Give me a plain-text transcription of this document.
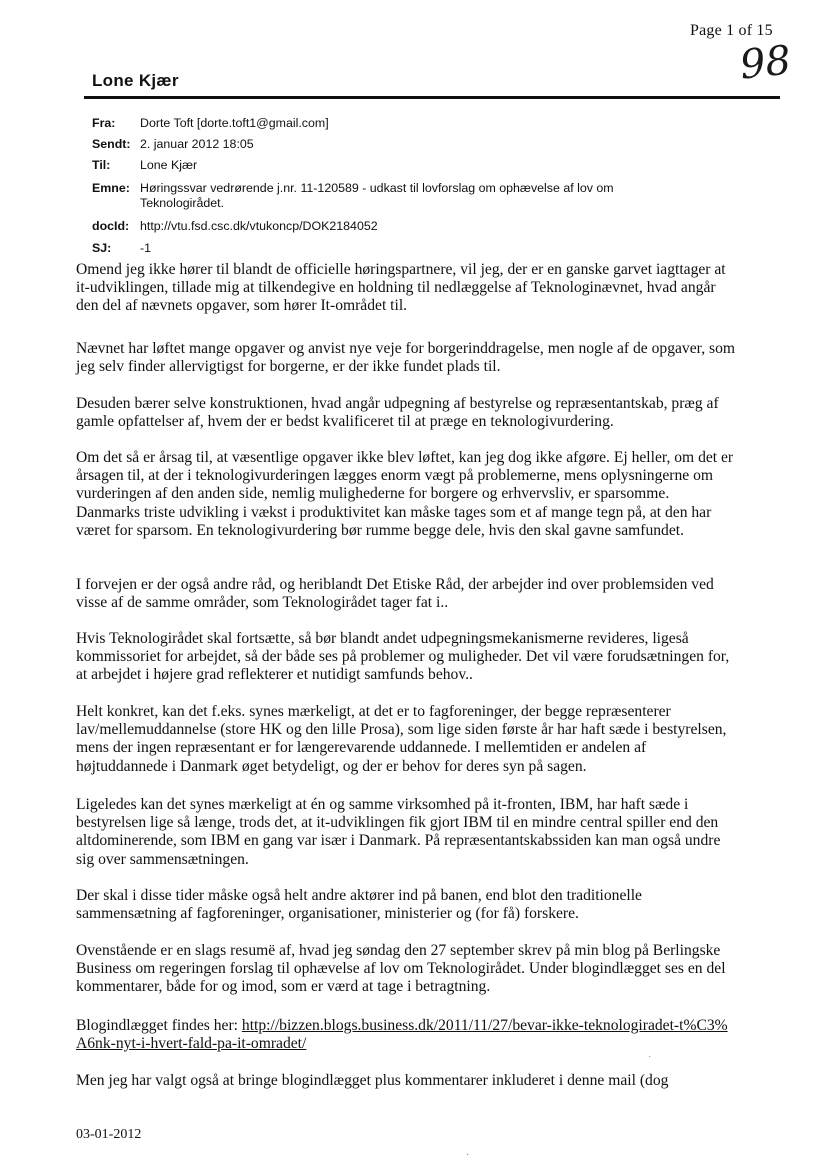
Page 1 of 15
98
Lone Kjær
Fra: Dorte Toft [dorte.toft1@gmail.com]
Sendt: 2. januar 2012 18:05
Til: Lone Kjær
Emne: Høringssvar vedrørende j.nr. 11-120589 - udkast til lovforslag om ophævelse af lov om
Teknologirådet.
docId: http://vtu.fsd.csc.dk/vtukoncp/DOK2184052
SJ: -1
Omend jeg ikke hører til blandt de officielle høringspartnere, vil jeg, der er en ganske garvet iagttager at it-udviklingen, tillade mig at tilkendegive en holdning til nedlæggelse af Teknologinævnet, hvad angår den del af nævnets opgaver, som hører It-området til.
Nævnet har løftet mange opgaver og anvist nye veje for borgerinddragelse, men nogle af de opgaver, som jeg selv finder allervigtigst for borgerne, er der ikke fundet plads til.
Desuden bærer selve konstruktionen, hvad angår udpegning af bestyrelse og repræsentantskab, præg af gamle opfattelser af, hvem der er bedst kvalificeret til at præge en teknologivurdering.
Om det så er årsag til, at væsentlige opgaver ikke blev løftet, kan jeg dog ikke afgøre. Ej heller, om det er årsagen til, at der i teknologivurderingen lægges enorm vægt på problemerne, mens oplysningerne om vurderingen af den anden side, nemlig mulighederne for borgere og erhvervsliv, er sparsomme. Danmarks triste udvikling i vækst i produktivitet kan måske tages som et af mange tegn på, at den har været for sparsom. En teknologivurdering bør rumme begge dele, hvis den skal gavne samfundet.
I forvejen er der også andre råd, og heriblandt Det Etiske Råd, der arbejder ind over problemsiden ved visse af de samme områder, som Teknologirådet tager fat i..
Hvis Teknologirådet skal fortsætte, så bør blandt andet udpegningsmekanismerne revideres, ligeså kommissoriet for arbejdet, så der både ses på problemer og muligheder. Det vil være forudsætningen for, at arbejdet i højere grad reflekterer et nutidigt samfunds behov..
Helt konkret, kan det f.eks. synes mærkeligt, at det er to fagforeninger, der begge repræsenterer lav/mellemuddannelse (store HK og den lille Prosa), som lige siden første år har haft sæde i bestyrelsen, mens der ingen repræsentant er for længerevarende uddannede. I mellemtiden er andelen af højtuddannede i Danmark øget betydeligt, og der er behov for deres syn på sagen.
Ligeledes kan det synes mærkeligt at én og samme virksomhed på it-fronten, IBM, har haft sæde i bestyrelsen lige så længe, trods det, at it-udviklingen fik gjort IBM til en mindre central spiller end den altdominerende, som IBM en gang var især i Danmark. På repræsentantskabssiden kan man også undre sig over sammensætningen.
Der skal i disse tider måske også helt andre aktører ind på banen, end blot den traditionelle sammensætning af fagforeninger, organisationer, ministerier og (for få) forskere.
Ovenstående er en slags resumë af, hvad jeg søndag den 27 september skrev på min blog på Berlingske Business om regeringen forslag til ophævelse af lov om Teknologirådet. Under blogindlægget ses en del kommentarer, både for og imod, som er værd at tage i betragtning.
Blogindlægget findes her: http://bizzen.blogs.business.dk/2011/11/27/bevar-ikke-teknologiradet-t%C3%A6nk-nyt-i-hvert-fald-pa-it-omradet/
·
Men jeg har valgt også at bringe blogindlægget plus kommentarer inkluderet i denne mail (dog
03-01-2012
·
